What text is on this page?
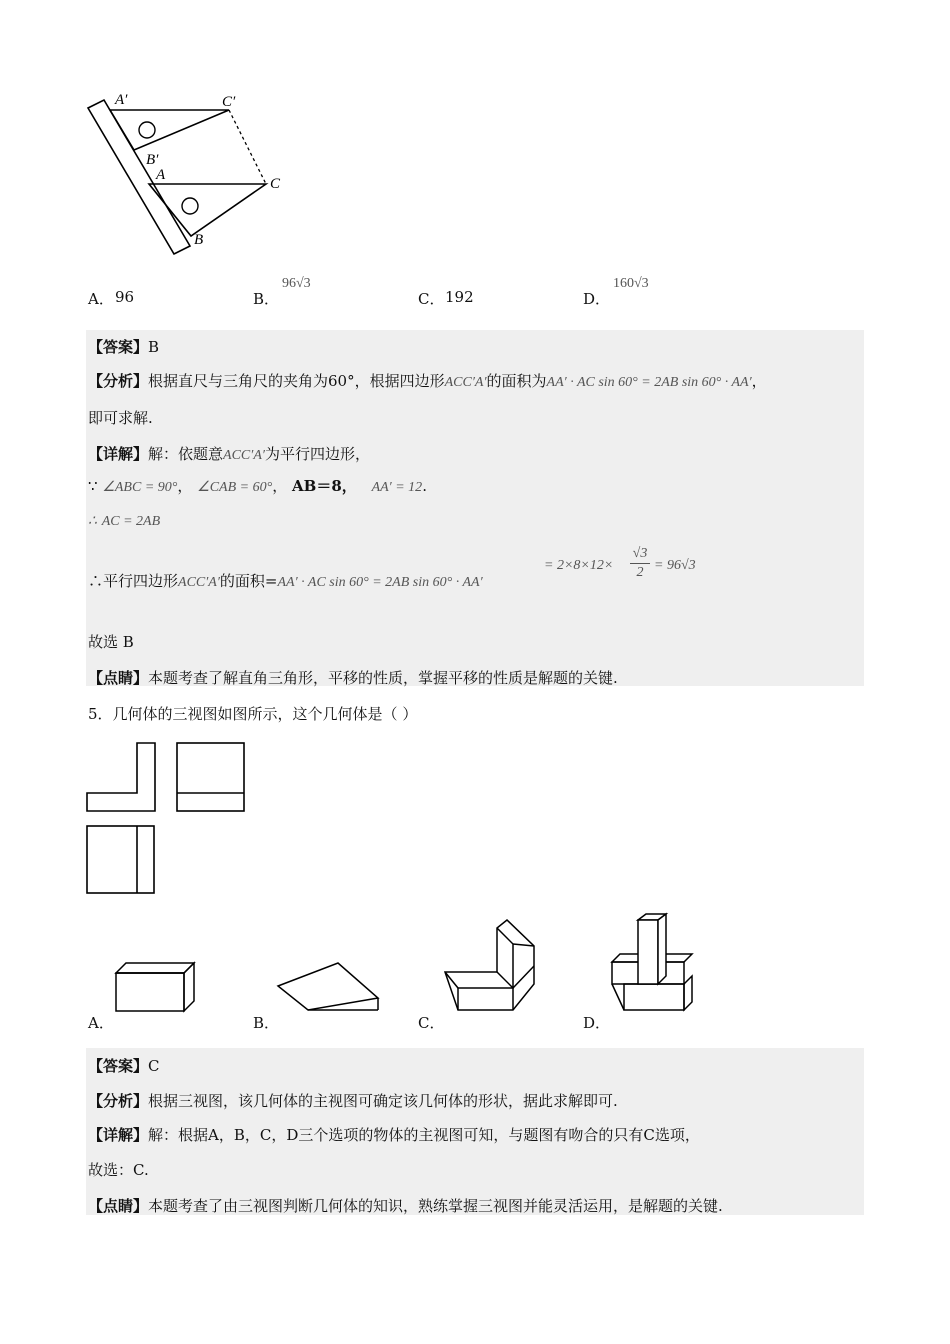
A′	C′
B′
A
C
B
A． 96	B．
96√3
C． 192	D．
160√3
【答案】B
【分析】根据直尺与三角尺的夹角为60°，根据四边形ACC′A′的面积为AA′ · AC sin 60° = 2AB sin 60° · AA′，
即可求解.
【详解】解：依题意ACC′A′为平行四边形，
∵ ∠ABC = 90°， ∠CAB = 60°， AB＝8， AA′ = 12.
∴ AC = 2AB
∴平行四边形ACC′A′的面积=AA′ · AC sin 60° = 2AB sin 60° · AA′
= 2×8×12×
√3
2 = 96√3
故选 B
【点睛】本题考查了解直角三角形，平移的性质，掌握平移的性质是解题的关键.
5．几何体的三视图如图所示，这个几何体是（ ）
A．	B．	C．	D．
【答案】C
【分析】根据三视图，该几何体的主视图可确定该几何体的形状，据此求解即可.
【详解】解：根据A，B，C，D三个选项的物体的主视图可知，与题图有吻合的只有C选项，
故选：C.
【点睛】本题考查了由三视图判断几何体的知识，熟练掌握三视图并能灵活运用，是解题的关键.
